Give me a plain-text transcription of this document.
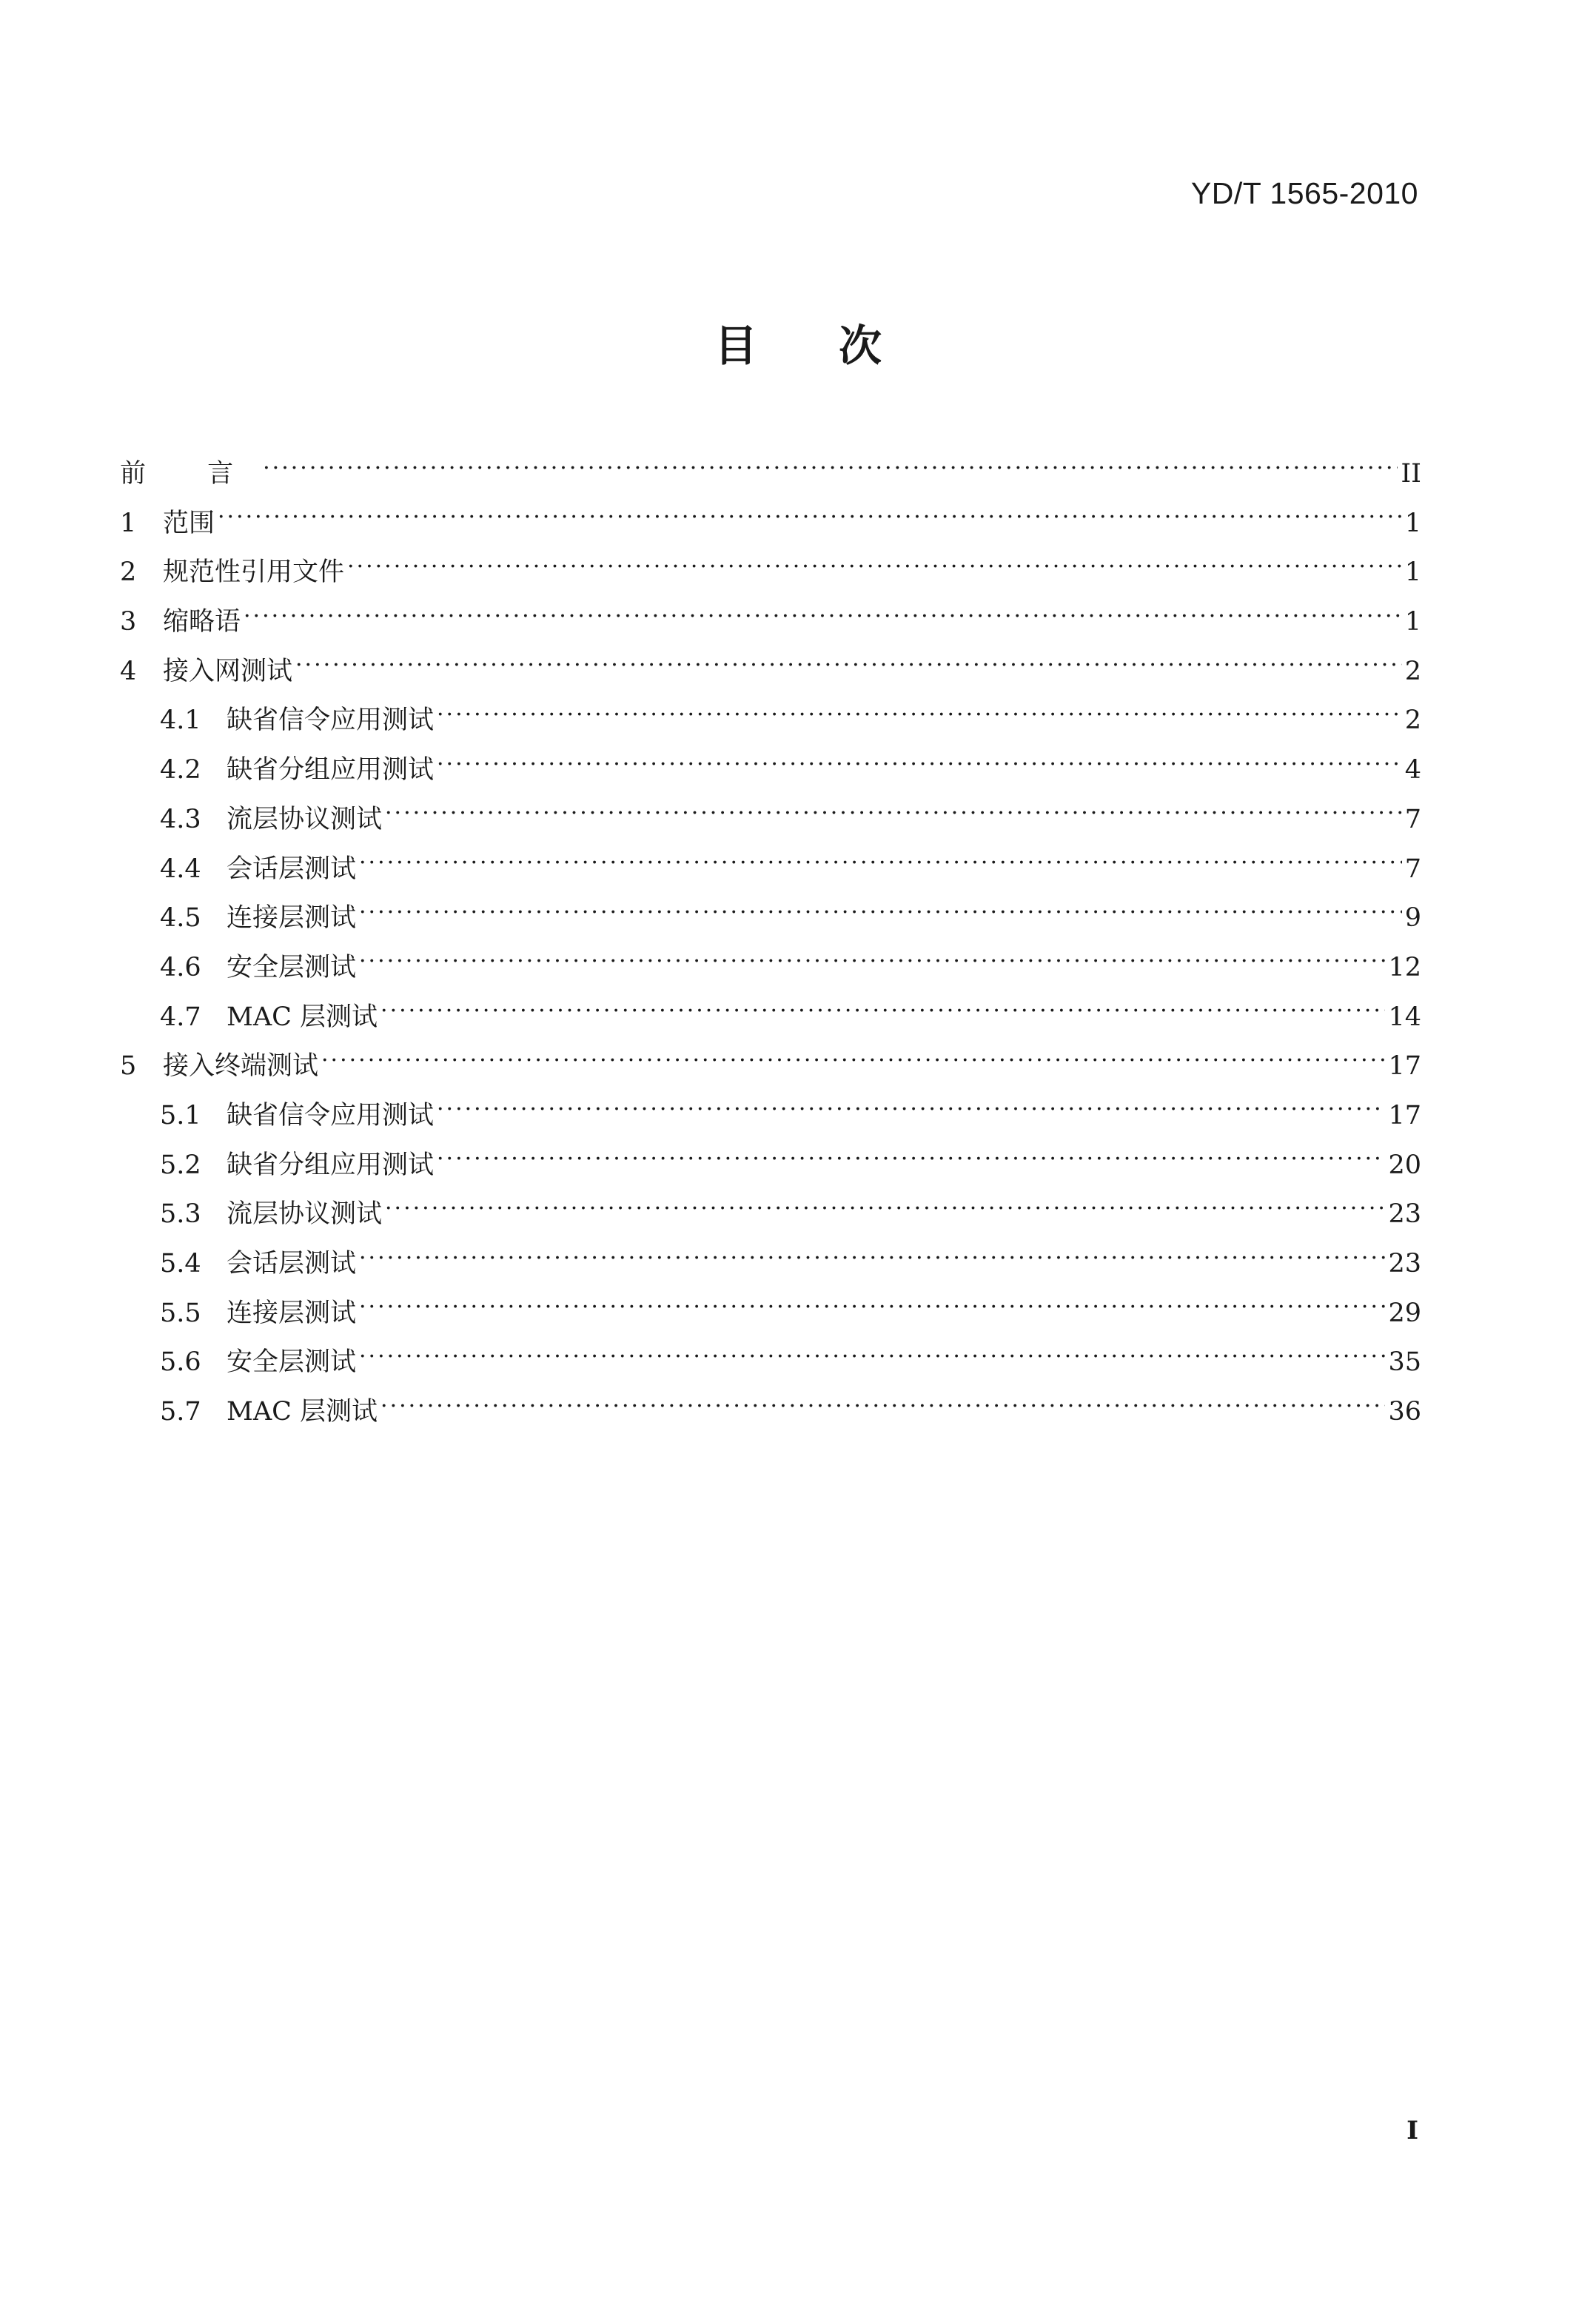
YD/T 1565-2010
目次
前 言 ·····	II
1	范围 ·····	1
2	规范性引用文件 ·····	1
3	缩略语 ·····	1
4	接入网测试 ·····	2
4.1 缺省信令应用测试 ·····	2
4.2 缺省分组应用测试 ·····	4
4.3 流层协议测试 ·····	7
4.4 会话层测试 ·····	7
4.5 连接层测试 ·····	9
4.6 安全层测试 ·····	12
4.7 MAC 层测试 ·····	14
5	接入终端测试 ·····	17
5.1 缺省信令应用测试 ·····	17
5.2 缺省分组应用测试 ·····	20
5.3 流层协议测试 ·····	23
5.4 会话层测试 ·····	23
5.5 连接层测试 ·····	29
5.6 安全层测试 ·····	35
5.7 MAC 层测试 ·····	36
I
